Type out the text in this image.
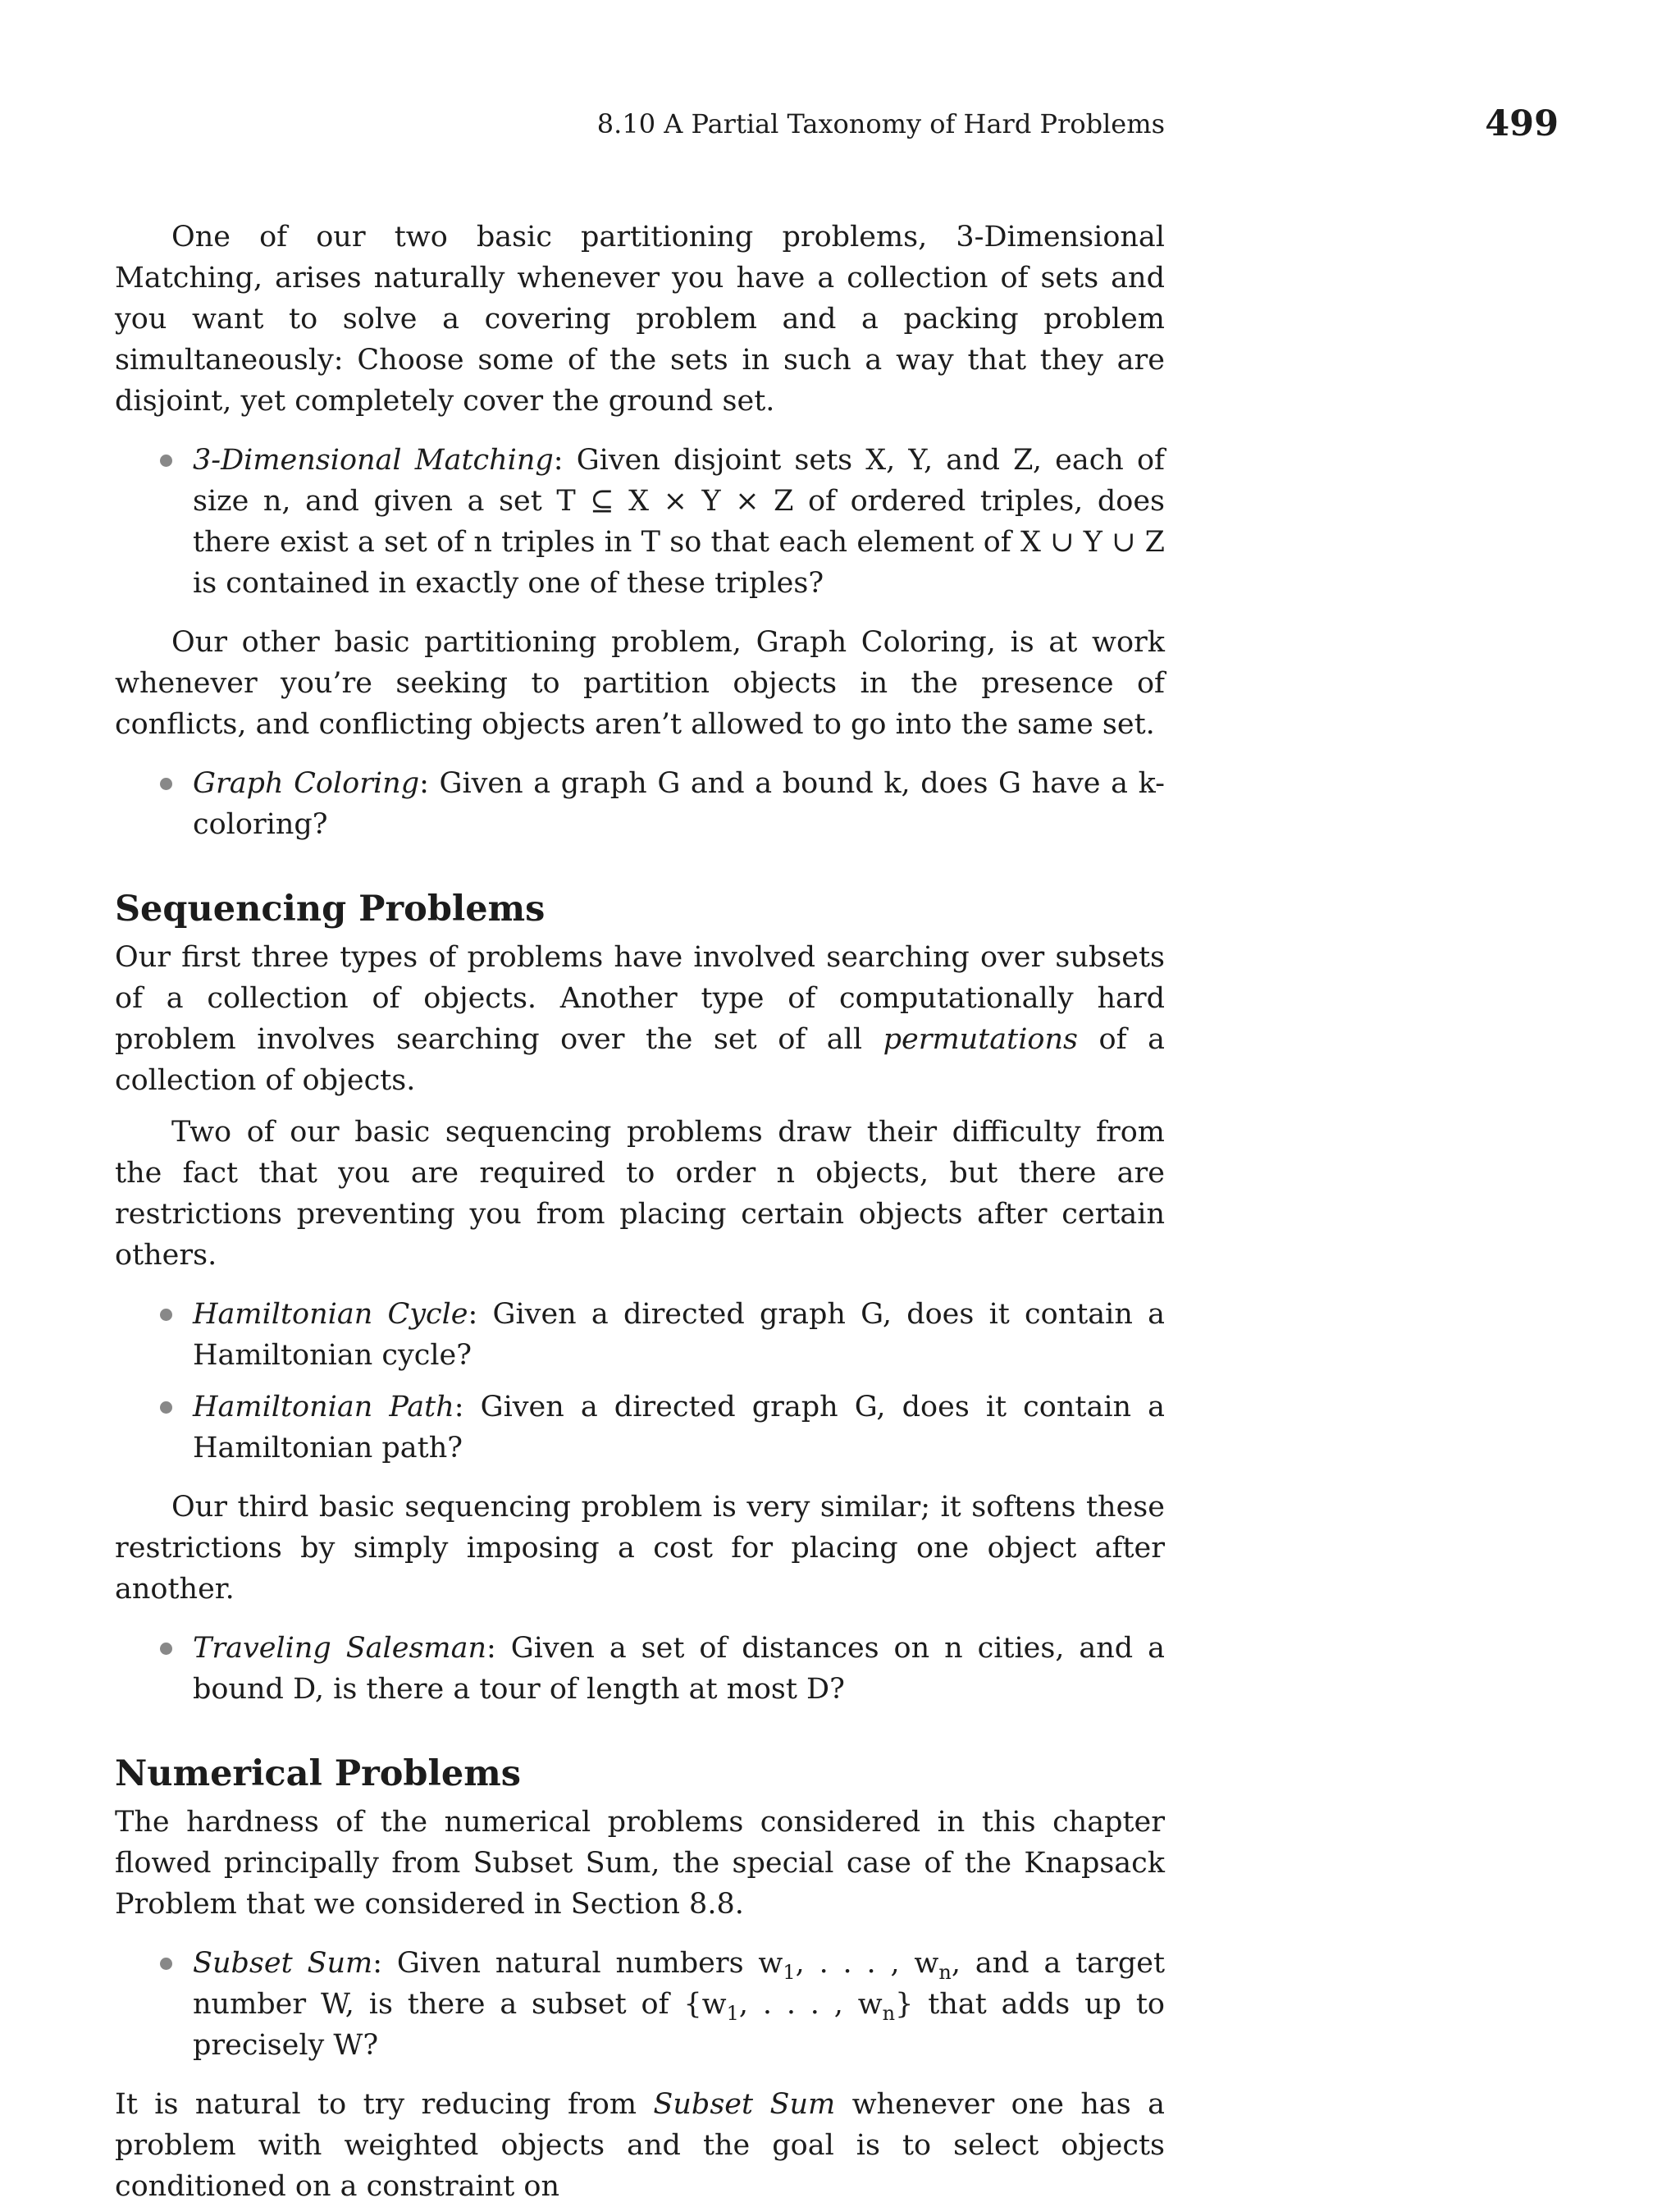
8.10 A Partial Taxonomy of Hard Problems	499

One of our two basic partitioning problems, 3-Dimensional Matching, arises naturally whenever you have a collection of sets and you want to solve a covering problem and a packing problem simultaneously: Choose some of the sets in such a way that they are disjoint, yet completely cover the ground set.

3-Dimensional Matching: Given disjoint sets X, Y, and Z, each of size n, and given a set T ⊆ X × Y × Z of ordered triples, does there exist a set of n triples in T so that each element of X ∪ Y ∪ Z is contained in exactly one of these triples?

Our other basic partitioning problem, Graph Coloring, is at work whenever you’re seeking to partition objects in the presence of conflicts, and conflicting objects aren’t allowed to go into the same set.

Graph Coloring: Given a graph G and a bound k, does G have a k-coloring?
Sequencing Problems

Our first three types of problems have involved searching over subsets of a collection of objects. Another type of computationally hard problem involves searching over the set of all permutations of a collection of objects.

Two of our basic sequencing problems draw their difficulty from the fact that you are required to order n objects, but there are restrictions preventing you from placing certain objects after certain others.

Hamiltonian Cycle: Given a directed graph G, does it contain a Hamiltonian cycle?
Hamiltonian Path: Given a directed graph G, does it contain a Hamiltonian path?

Our third basic sequencing problem is very similar; it softens these restrictions by simply imposing a cost for placing one object after another.

Traveling Salesman: Given a set of distances on n cities, and a bound D, is there a tour of length at most D?
Numerical Problems

The hardness of the numerical problems considered in this chapter flowed principally from Subset Sum, the special case of the Knapsack Problem that we considered in Section 8.8.

Subset Sum: Given natural numbers $w_1$, . . . , $w_n$, and a target number W, is there a subset of {$w_1$, . . . , $w_n$} that adds up to precisely W?

It is natural to try reducing from Subset Sum whenever one has a problem with weighted objects and the goal is to select objects conditioned on a constraint on
